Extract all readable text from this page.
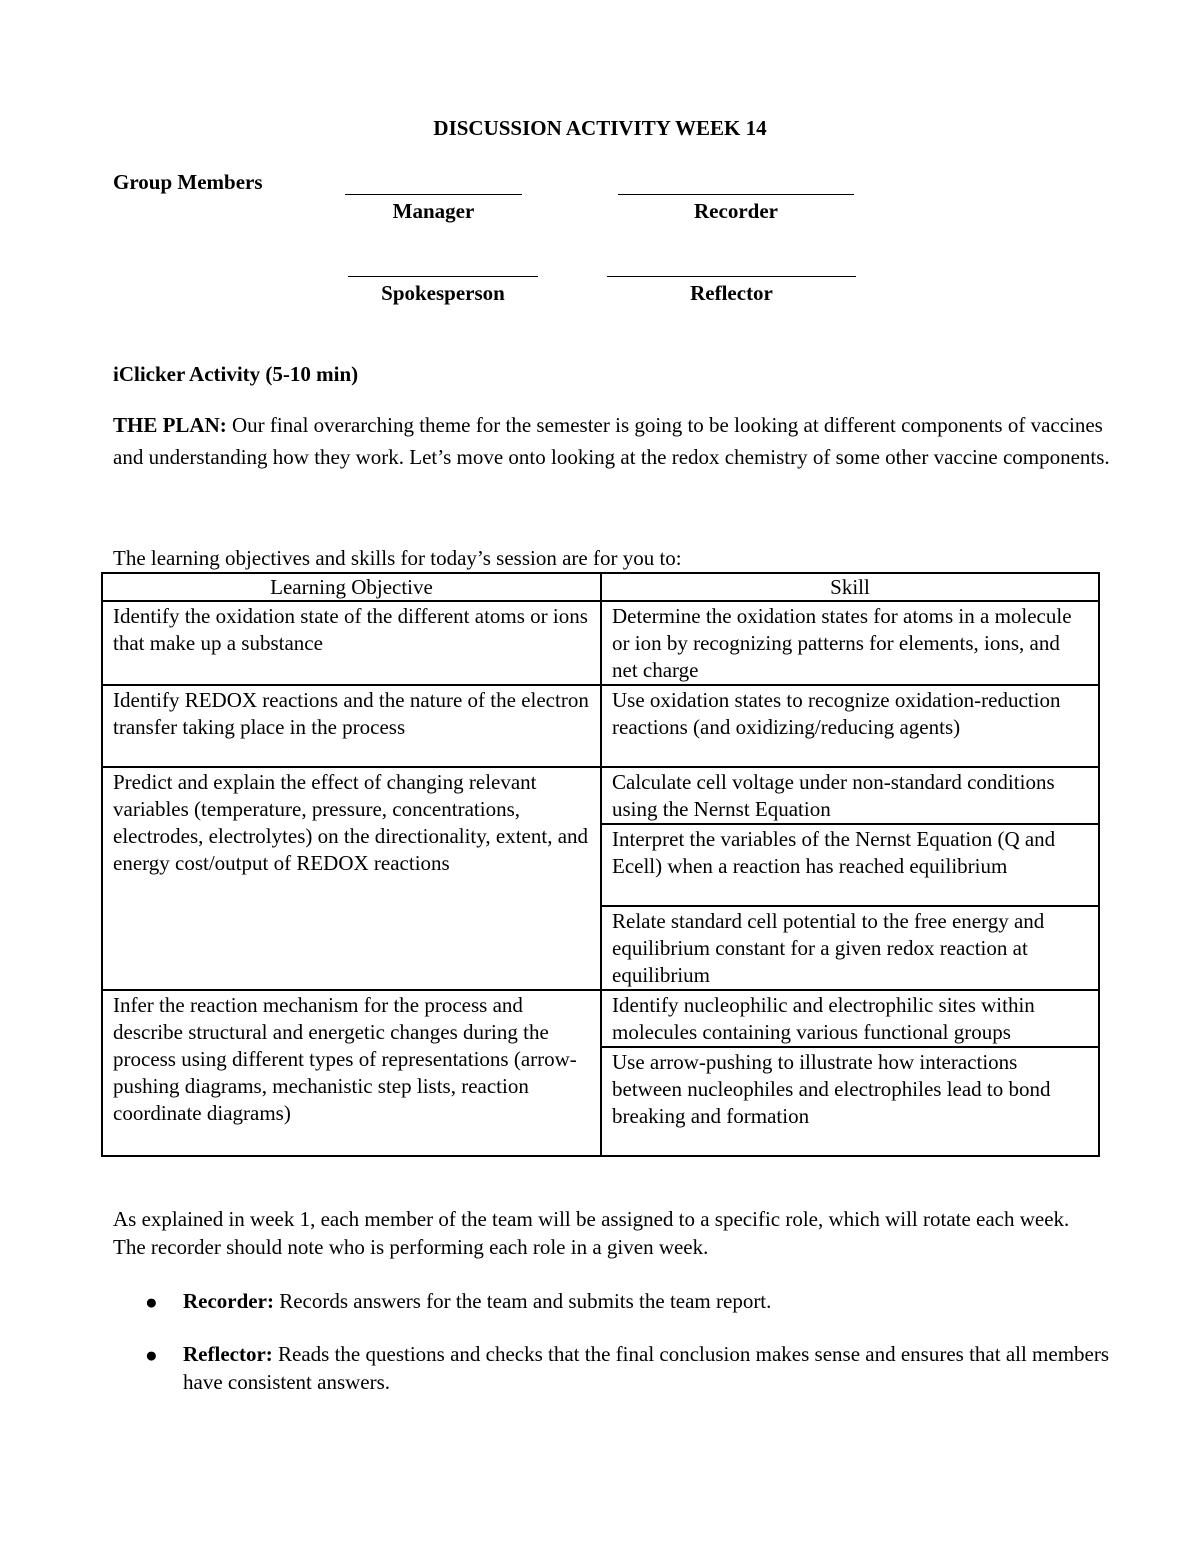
DISCUSSION ACTIVITY WEEK 14
Group Members
Manager	Recorder
Spokesperson	Reflector
iClicker Activity (5-10 min)
THE PLAN: Our final overarching theme for the semester is going to be looking at different components of vaccines and understanding how they work. Let’s move onto looking at the redox chemistry of some other vaccine components.
The learning objectives and skills for today’s session are for you to:
Learning Objective	Skill
Identify the oxidation state of the different atoms or ions that make up a substance	Determine the oxidation states for atoms in a molecule or ion by recognizing patterns for elements, ions, and net charge
Identify REDOX reactions and the nature of the electron transfer taking place in the process	Use oxidation states to recognize oxidation-reduction reactions (and oxidizing/reducing agents)
Predict and explain the effect of changing relevant variables (temperature, pressure, concentrations, electrodes, electrolytes) on the directionality, extent, and energy cost/output of REDOX reactions	Calculate cell voltage under non-standard conditions using the Nernst Equation
	Interpret the variables of the Nernst Equation (Q and Ecell) when a reaction has reached equilibrium
	Relate standard cell potential to the free energy and equilibrium constant for a given redox reaction at equilibrium
Infer the reaction mechanism for the process and describe structural and energetic changes during the process using different types of representations (arrow-pushing diagrams, mechanistic step lists, reaction coordinate diagrams)	Identify nucleophilic and electrophilic sites within molecules containing various functional groups
	Use arrow-pushing to illustrate how interactions between nucleophiles and electrophiles lead to bond breaking and formation
As explained in week 1, each member of the team will be assigned to a specific role, which will rotate each week. The recorder should note who is performing each role in a given week.
● Recorder: Records answers for the team and submits the team report.
● Reflector: Reads the questions and checks that the final conclusion makes sense and ensures that all members have consistent answers.
